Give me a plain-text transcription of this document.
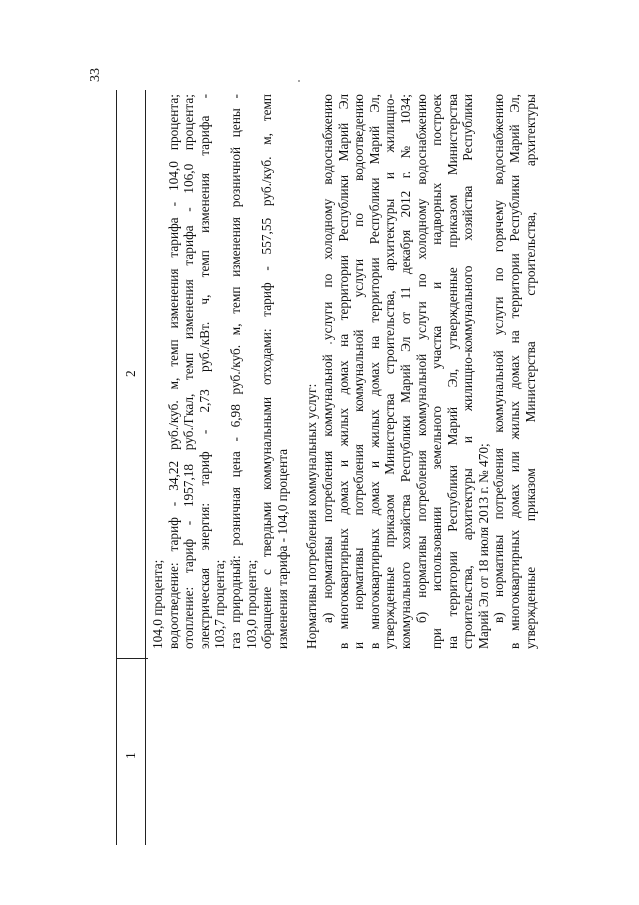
33
1
2

104,0 процента; водоотведение: тариф - 34,22 руб./куб. м, темп изменения тарифа - 104,0 процента; отопление: тариф - 1957,18 руб./Гкал, темп изменения тарифа - 106,0 процента; электрическая энергия: тариф - 2,73 руб./кВт. ч, темп изменения тарифа - 103,7 процента; газ природный: розничная цена - 6,98 руб./куб. м, темп изменения розничной цены - 103,0 процента; обращение с твердыми коммунальными отходами: тариф - 557,55 руб./куб. м, темп изменения тарифа - 104,0 процента Нормативы потребления коммунальных услуг: а) нормативы потребления коммунальной услуги по холодному водоснабжению в многоквартирных домах и жилых домах на территории Республики Марий Эл и нормативы потребления коммунальной услуги по водоотведению в многоквартирных домах и жилых домах на территории Республики Марий Эл, утвержденные приказом Министерства строительства, архитектуры и жилищно- коммунального хозяйства Республики Марий Эл от 11 декабря 2012 г. № 1034; б) нормативы потребления коммунальной услуги по холодному водоснабжению при использовании земельного участка и надворных построек на территории Республики Марий Эл, утвержденные приказом Министерства строительства, архитектуры и жилищно-коммунального хозяйства Республики Марий Эл от 18 июля 2013 г. № 470; в) нормативы потребления коммунальной услуги по горячему водоснабжению в многоквартирных домах или жилых домах на территории Республики Марий Эл, утвержденные приказом Министерства строительства, архитектуры
